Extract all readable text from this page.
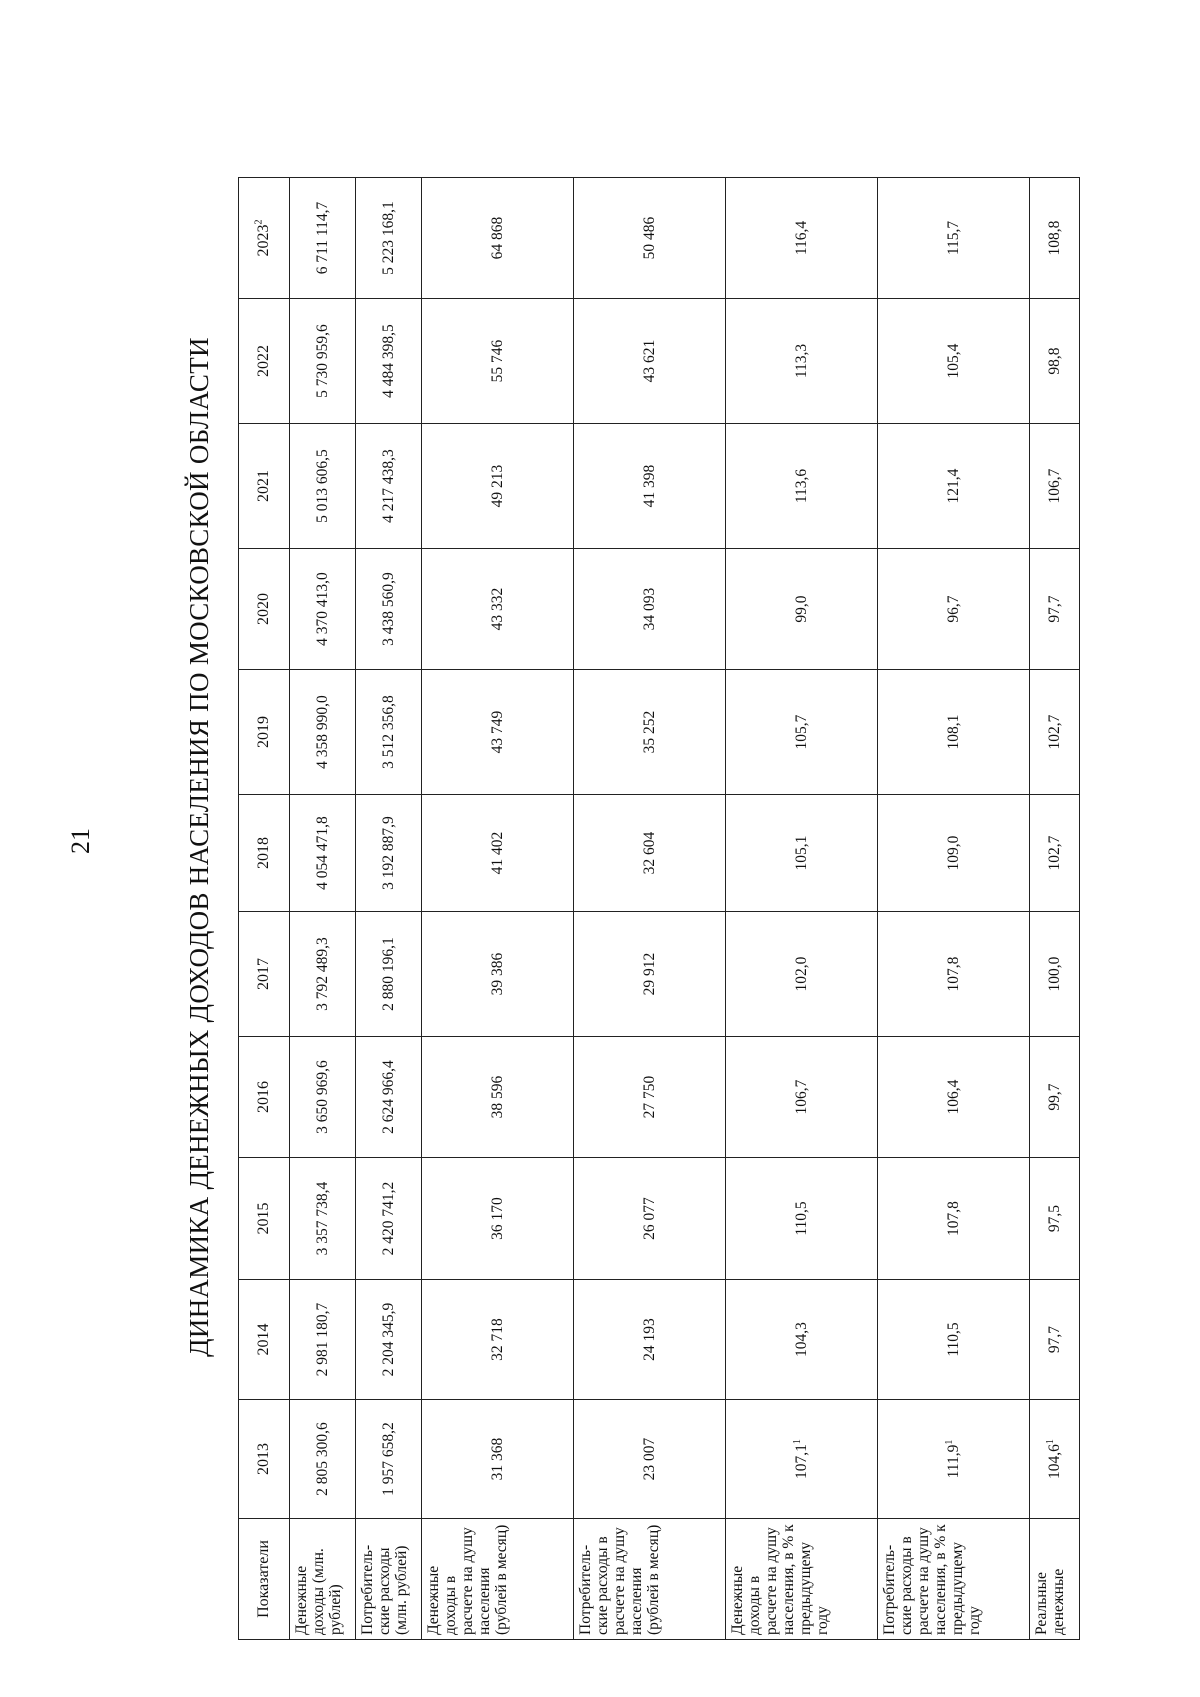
21	ДИНАМИКА ДЕНЕЖНЫХ ДОХОДОВ НАСЕЛЕНИЯ ПО МОСКОВСКОЙ ОБЛАСТИ
Показатели	2013	2014	2015	2016	2017	2018	2019	2020	2021	2022	2023$^2$
Денежные доходы (млн. рублей)	2 805 300,6	2 981 180,7	3 357 738,4	3 650 969,6	3 792 489,3	4 054 471,8	4 358 990,0	4 370 413,0	5 013 606,5	5 730 959,6	6 711 114,7
Потребитель-ские расходы (млн. рублей)	1 957 658,2	2 204 345,9	2 420 741,2	2 624 966,4	2 880 196,1	3 192 887,9	3 512 356,8	3 438 560,9	4 217 438,3	4 484 398,5	5 223 168,1
Денежные доходы в расчете на душу населения (рублей в месяц)	31 368	32 718	36 170	38 596	39 386	41 402	43 749	43 332	49 213	55 746	64 868
Потребитель-ские расходы в расчете на душу населения (рублей в месяц)	23 007	24 193	26 077	27 750	29 912	32 604	35 252	34 093	41 398	43 621	50 486
Денежные доходы в расчете на душу населения, в % к предыдущему году	107,1$^1$	104,3	110,5	106,7	102,0	105,1	105,7	99,0	113,6	113,3	116,4
Потребитель-ские расходы в расчете на душу населения, в % к предыдущему году	111,9$^1$	110,5	107,8	106,4	107,8	109,0	108,1	96,7	121,4	105,4	115,7
Реальные денежные	104,6$^1$	97,7	97,5	99,7	100,0	102,7	102,7	97,7	106,7	98,8	108,8
